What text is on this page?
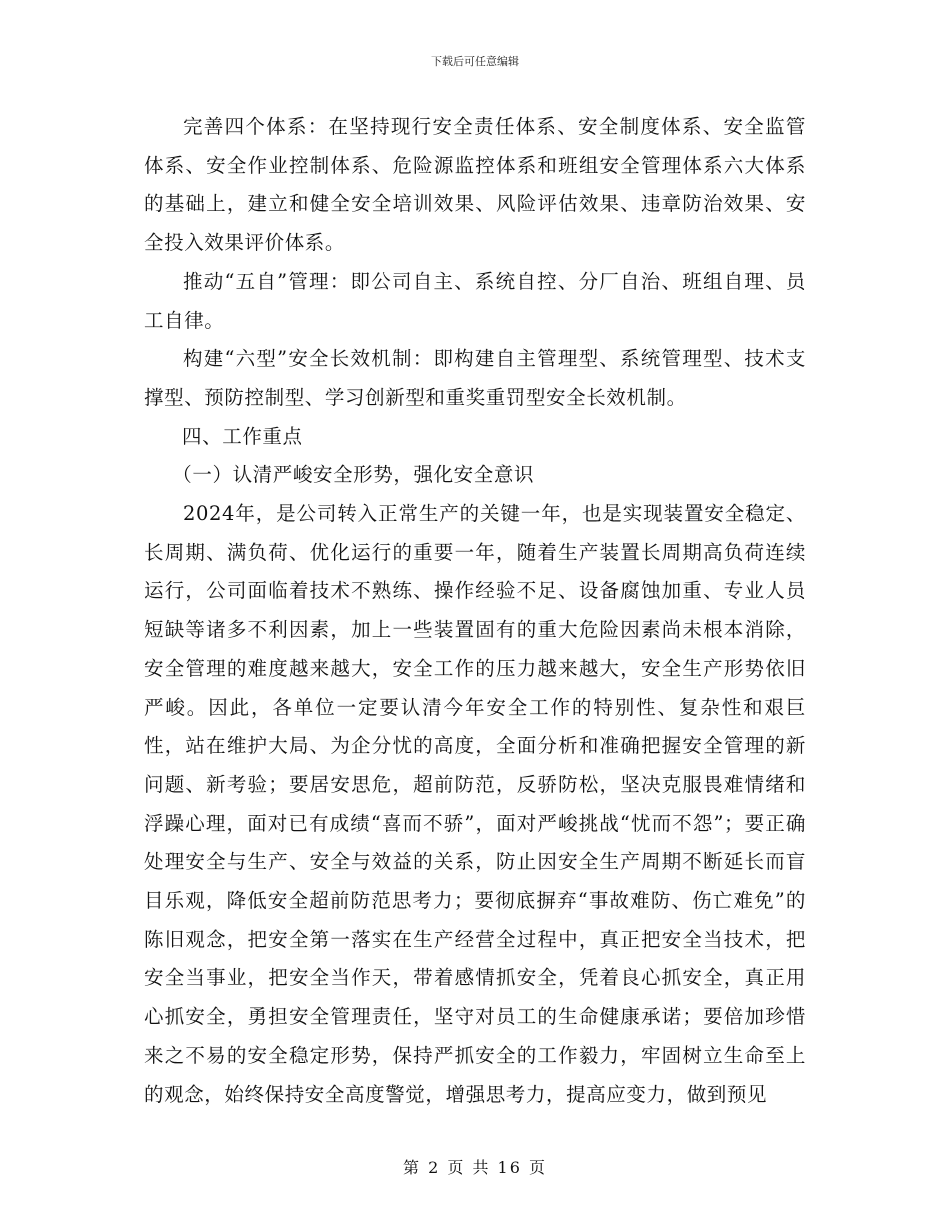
下载后可任意编辑

完善四个体系：在坚持现行安全责任体系、安全制度体系、安全监管体系、安全作业控制体系、危险源监控体系和班组安全管理体系六大体系的基础上，建立和健全安全培训效果、风险评估效果、违章防治效果、安全投入效果评价体系。

推动“五自”管理：即公司自主、系统自控、分厂自治、班组自理、员工自律。

构建“六型”安全长效机制：即构建自主管理型、系统管理型、技术支撑型、预防控制型、学习创新型和重奖重罚型安全长效机制。

四、工作重点

（一）认清严峻安全形势，强化安全意识

2024年，是公司转入正常生产的关键一年，也是实现装置安全稳定、长周期、满负荷、优化运行的重要一年，随着生产装置长周期高负荷连续运行，公司面临着技术不熟练、操作经验不足、设备腐蚀加重、专业人员短缺等诸多不利因素，加上一些装置固有的重大危险因素尚未根本消除，安全管理的难度越来越大，安全工作的压力越来越大，安全生产形势依旧严峻。因此，各单位一定要认清今年安全工作的特别性、复杂性和艰巨性，站在维护大局、为企分忧的高度，全面分析和准确把握安全管理的新问题、新考验；要居安思危，超前防范，反骄防松，坚决克服畏难情绪和浮躁心理，面对已有成绩“喜而不骄”，面对严峻挑战“忧而不怨”；要正确处理安全与生产、安全与效益的关系，防止因安全生产周期不断延长而盲目乐观，降低安全超前防范思考力；要彻底摒弃“事故难防、伤亡难免”的陈旧观念，把安全第一落实在生产经营全过程中，真正把安全当技术，把安全当事业，把安全当作天，带着感情抓安全，凭着良心抓安全，真正用心抓安全，勇担安全管理责任，坚守对员工的生命健康承诺；要倍加珍惜来之不易的安全稳定形势，保持严抓安全的工作毅力，牢固树立生命至上的观念，始终保持安全高度警觉，增强思考力，提高应变力，做到预见

第 2 页 共 16 页
